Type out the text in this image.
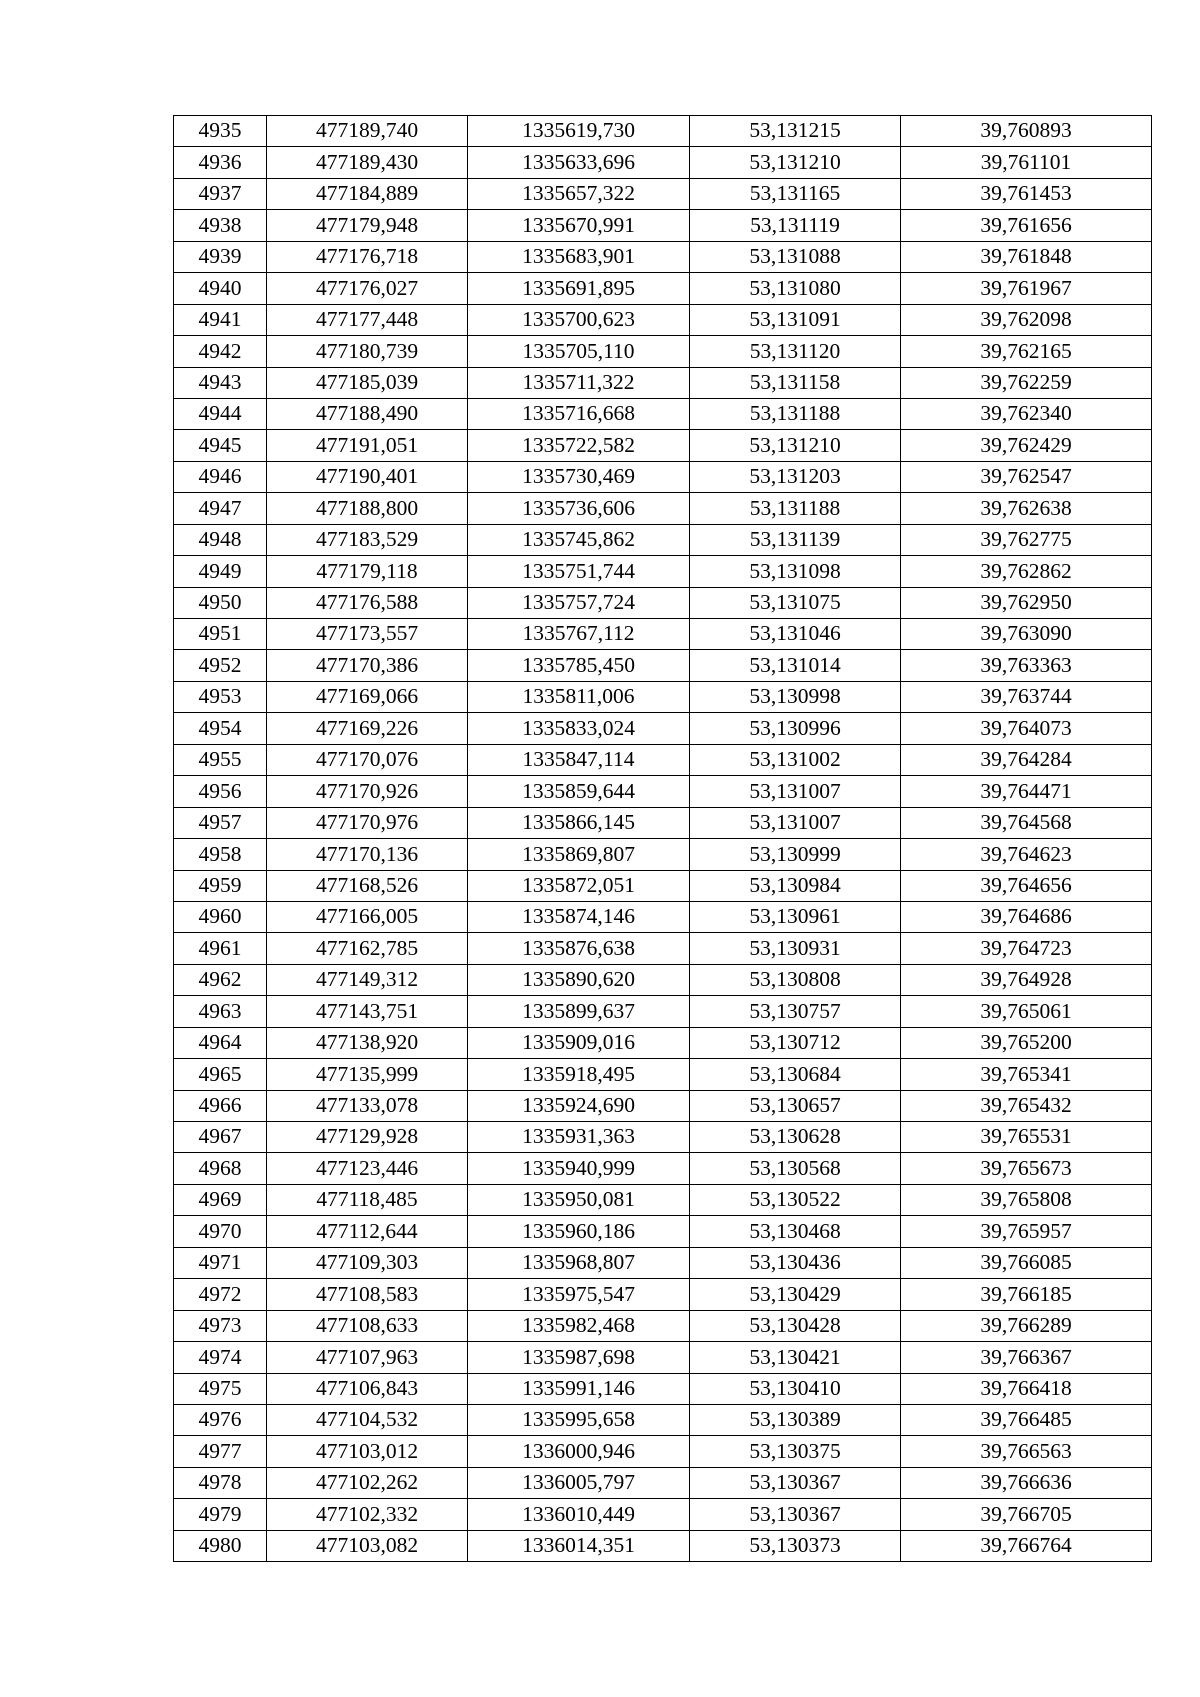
4935	477189,740	1335619,730	53,131215	39,760893
4936	477189,430	1335633,696	53,131210	39,761101
4937	477184,889	1335657,322	53,131165	39,761453
4938	477179,948	1335670,991	53,131119	39,761656
4939	477176,718	1335683,901	53,131088	39,761848
4940	477176,027	1335691,895	53,131080	39,761967
4941	477177,448	1335700,623	53,131091	39,762098
4942	477180,739	1335705,110	53,131120	39,762165
4943	477185,039	1335711,322	53,131158	39,762259
4944	477188,490	1335716,668	53,131188	39,762340
4945	477191,051	1335722,582	53,131210	39,762429
4946	477190,401	1335730,469	53,131203	39,762547
4947	477188,800	1335736,606	53,131188	39,762638
4948	477183,529	1335745,862	53,131139	39,762775
4949	477179,118	1335751,744	53,131098	39,762862
4950	477176,588	1335757,724	53,131075	39,762950
4951	477173,557	1335767,112	53,131046	39,763090
4952	477170,386	1335785,450	53,131014	39,763363
4953	477169,066	1335811,006	53,130998	39,763744
4954	477169,226	1335833,024	53,130996	39,764073
4955	477170,076	1335847,114	53,131002	39,764284
4956	477170,926	1335859,644	53,131007	39,764471
4957	477170,976	1335866,145	53,131007	39,764568
4958	477170,136	1335869,807	53,130999	39,764623
4959	477168,526	1335872,051	53,130984	39,764656
4960	477166,005	1335874,146	53,130961	39,764686
4961	477162,785	1335876,638	53,130931	39,764723
4962	477149,312	1335890,620	53,130808	39,764928
4963	477143,751	1335899,637	53,130757	39,765061
4964	477138,920	1335909,016	53,130712	39,765200
4965	477135,999	1335918,495	53,130684	39,765341
4966	477133,078	1335924,690	53,130657	39,765432
4967	477129,928	1335931,363	53,130628	39,765531
4968	477123,446	1335940,999	53,130568	39,765673
4969	477118,485	1335950,081	53,130522	39,765808
4970	477112,644	1335960,186	53,130468	39,765957
4971	477109,303	1335968,807	53,130436	39,766085
4972	477108,583	1335975,547	53,130429	39,766185
4973	477108,633	1335982,468	53,130428	39,766289
4974	477107,963	1335987,698	53,130421	39,766367
4975	477106,843	1335991,146	53,130410	39,766418
4976	477104,532	1335995,658	53,130389	39,766485
4977	477103,012	1336000,946	53,130375	39,766563
4978	477102,262	1336005,797	53,130367	39,766636
4979	477102,332	1336010,449	53,130367	39,766705
4980	477103,082	1336014,351	53,130373	39,766764
